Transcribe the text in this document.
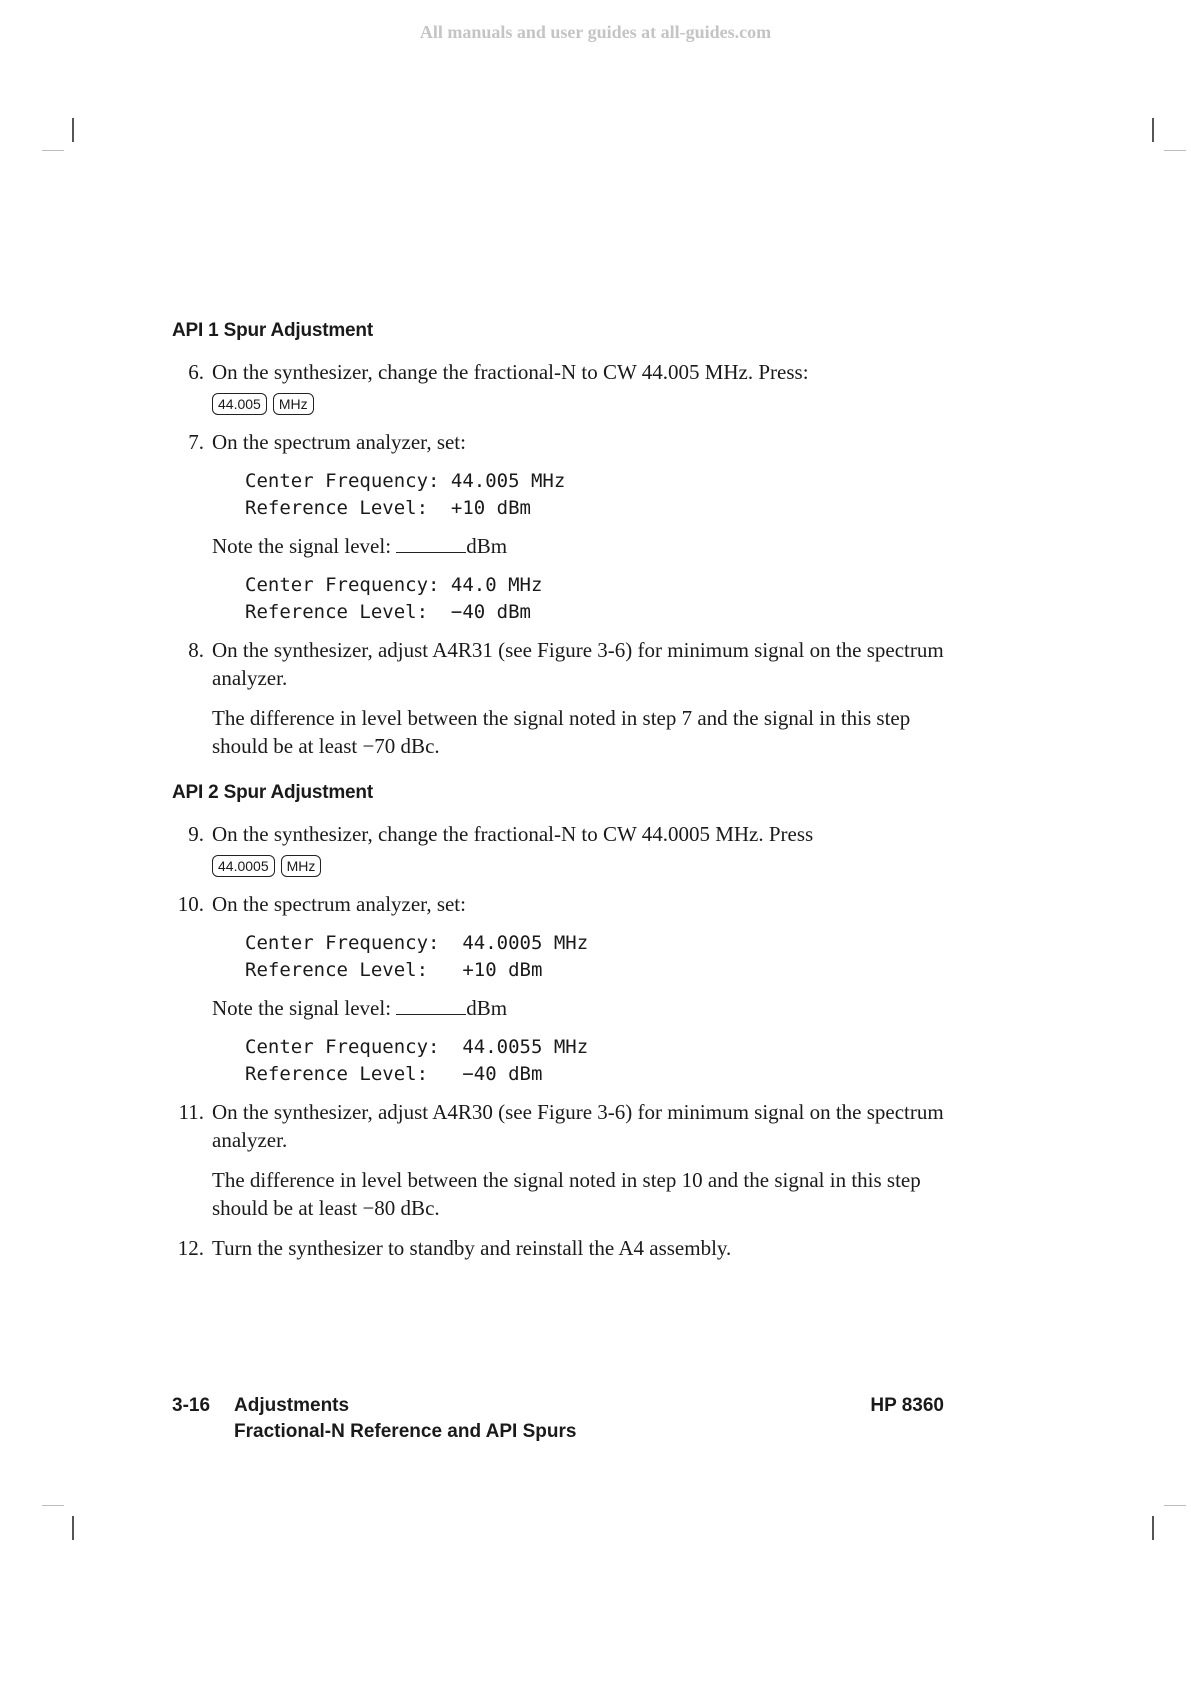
All manuals and user guides at all-guides.com
API 1 Spur Adjustment
6. On the synthesizer, change the fractional-N to CW 44.005 MHz. Press:
44.005 MHz
7. On the spectrum analyzer, set:
Center Frequency: 44.005 MHz
Reference Level: +10 dBm
Note the signal level:	dBm
Center Frequency: 44.0 MHz
Reference Level: −40 dBm
8. On the synthesizer, adjust A4R31 (see Figure 3-6) for minimum signal on the spectrum analyzer.
The difference in level between the signal noted in step 7 and the signal in this step should be at least −70 dBc.
API 2 Spur Adjustment
9. On the synthesizer, change the fractional-N to CW 44.0005 MHz. Press
44.0005 MHz
10. On the spectrum analyzer, set:
Center Frequency: 44.0005 MHz
Reference Level: +10 dBm
Note the signal level:	dBm
Center Frequency: 44.0055 MHz
Reference Level: −40 dBm
11. On the synthesizer, adjust A4R30 (see Figure 3-6) for minimum signal on the spectrum analyzer.
The difference in level between the signal noted in step 10 and the signal in this step should be at least −80 dBc.
12. Turn the synthesizer to standby and reinstall the A4 assembly.
3-16 Adjustments
Fractional-N Reference and API Spurs
HP 8360
